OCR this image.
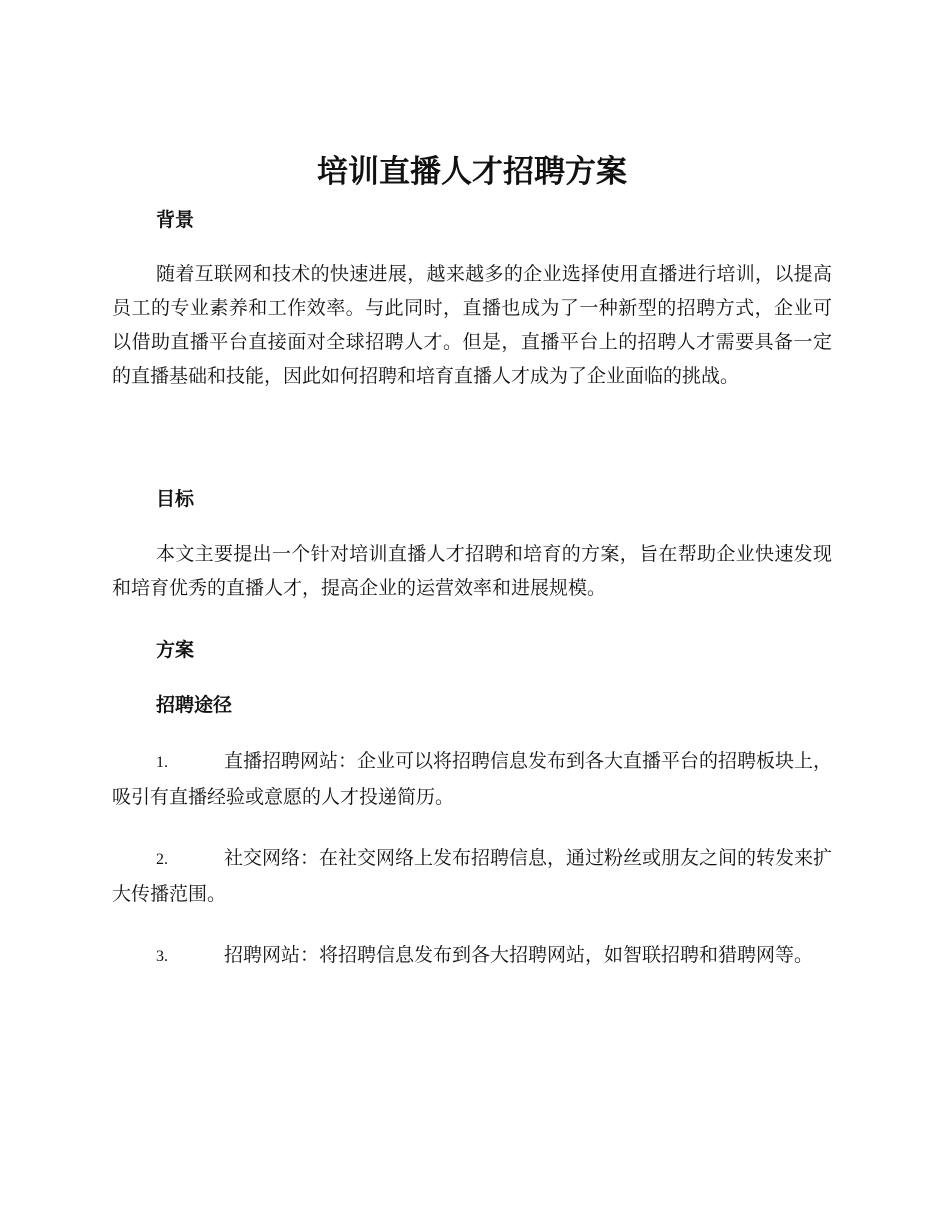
培训直播人才招聘方案
背景

随着互联网和技术的快速进展，越来越多的企业选择使用直播进行培训，以提高员工的专业素养和工作效率。与此同时，直播也成为了一种新型的招聘方式，企业可以借助直播平台直接面对全球招聘人才。但是，直播平台上的招聘人才需要具备一定的直播基础和技能，因此如何招聘和培育直播人才成为了企业面临的挑战。

目标

本文主要提出一个针对培训直播人才招聘和培育的方案，旨在帮助企业快速发现和培育优秀的直播人才，提高企业的运营效率和进展规模。

方案
招聘途径

1.	直播招聘网站：企业可以将招聘信息发布到各大直播平台的招聘板块上，吸引有直播经验或意愿的人才投递简历。

2.	社交网络：在社交网络上发布招聘信息，通过粉丝或朋友之间的转发来扩大传播范围。

3.	招聘网站：将招聘信息发布到各大招聘网站，如智联招聘和猎聘网等。
